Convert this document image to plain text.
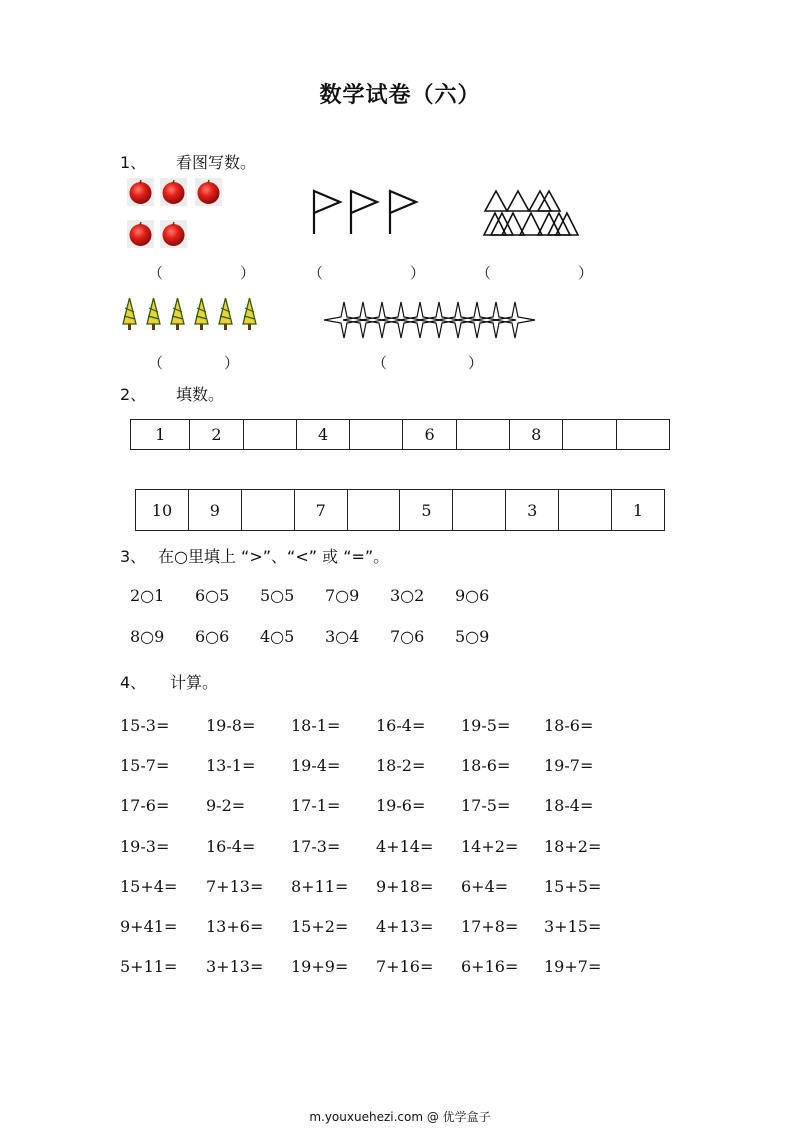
数学试卷（六）
1、 看图写数。
（	）	（	）	（	）
（	）	（	）
2、 填数。
1	2		4		6		8		
10	9		7		5		3		1
3、 在○里填上 “>”、“<” 或 “=”。
2○1 6○5 5○5 7○9 3○2 9○6
8○9 6○6 4○5 3○4 7○6 5○9
4、 计算。
15-3= 19-8= 18-1= 16-4= 19-5= 18-6=
15-7= 13-1= 19-4= 18-2= 18-6= 19-7=
17-6= 9-2=	17-1= 19-6= 17-5= 18-4=
19-3= 16-4= 17-3= 4+14= 14+2= 18+2=
15+4= 7+13= 8+11= 9+18= 6+4= 15+5=
9+41= 13+6= 15+2= 4+13= 17+8= 3+15=
5+11= 3+13= 19+9= 7+16= 6+16= 19+7=
m.youxuehezi.com @ 优学盒子
